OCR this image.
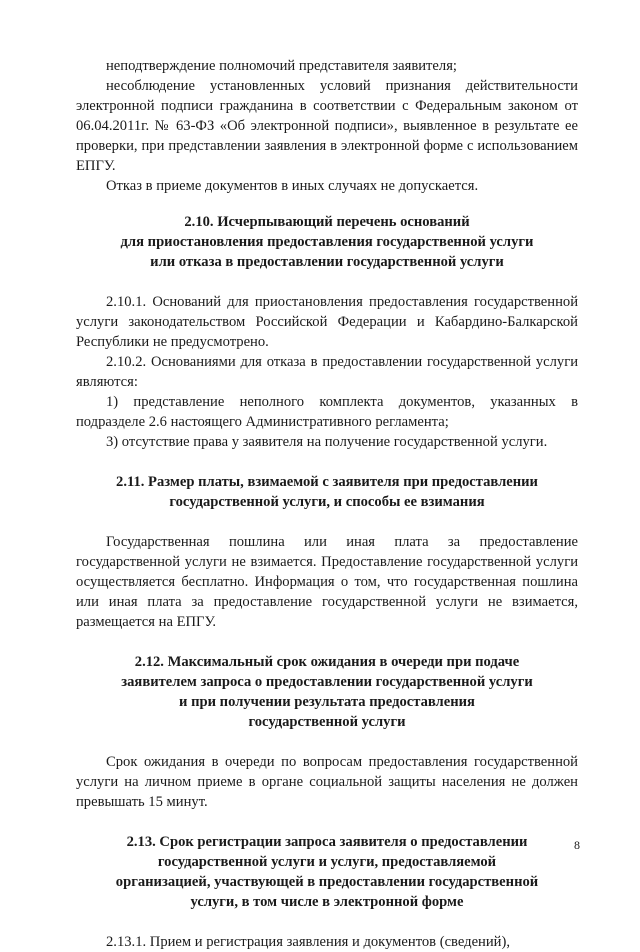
неподтверждение полномочий представителя заявителя;

несоблюдение установленных условий признания действительности электронной подписи гражданина в соответствии с Федеральным законом от 06.04.2011г. № 63-ФЗ «Об электронной подписи», выявленное в результате ее проверки, при представлении заявления в электронной форме с использованием ЕПГУ.

Отказ в приеме документов в иных случаях не допускается.

2.10. Исчерпывающий перечень оснований
для приостановления предоставления государственной услуги
или отказа в предоставлении государственной услуги

2.10.1. Оснований для приостановления предоставления государственной услуги законодательством Российской Федерации и Кабардино-Балкарской Республики не предусмотрено.

2.10.2. Основаниями для отказа в предоставлении государственной услуги являются:

1) представление неполного комплекта документов, указанных в подразделе 2.6 настоящего Административного регламента;

3) отсутствие права у заявителя на получение государственной услуги.

2.11. Размер платы, взимаемой с заявителя при предоставлении
государственной услуги, и способы ее взимания

Государственная пошлина или иная плата за предоставление государственной услуги не взимается. Предоставление государственной услуги осуществляется бесплатно. Информация о том, что государственная пошлина или иная плата за предоставление государственной услуги не взимается, размещается на ЕПГУ.

2.12. Максимальный срок ожидания в очереди при подаче
заявителем запроса о предоставлении государственной услуги
и при получении результата предоставления
государственной услуги

Срок ожидания в очереди по вопросам предоставления государственной услуги на личном приеме в органе социальной защиты населения не должен превышать 15 минут.

2.13. Срок регистрации запроса заявителя о предоставлении
государственной услуги и услуги, предоставляемой
организацией, участвующей в предоставлении государственной
услуги, в том числе в электронной форме

2.13.1. Прием и регистрация заявления и документов (сведений),

8
